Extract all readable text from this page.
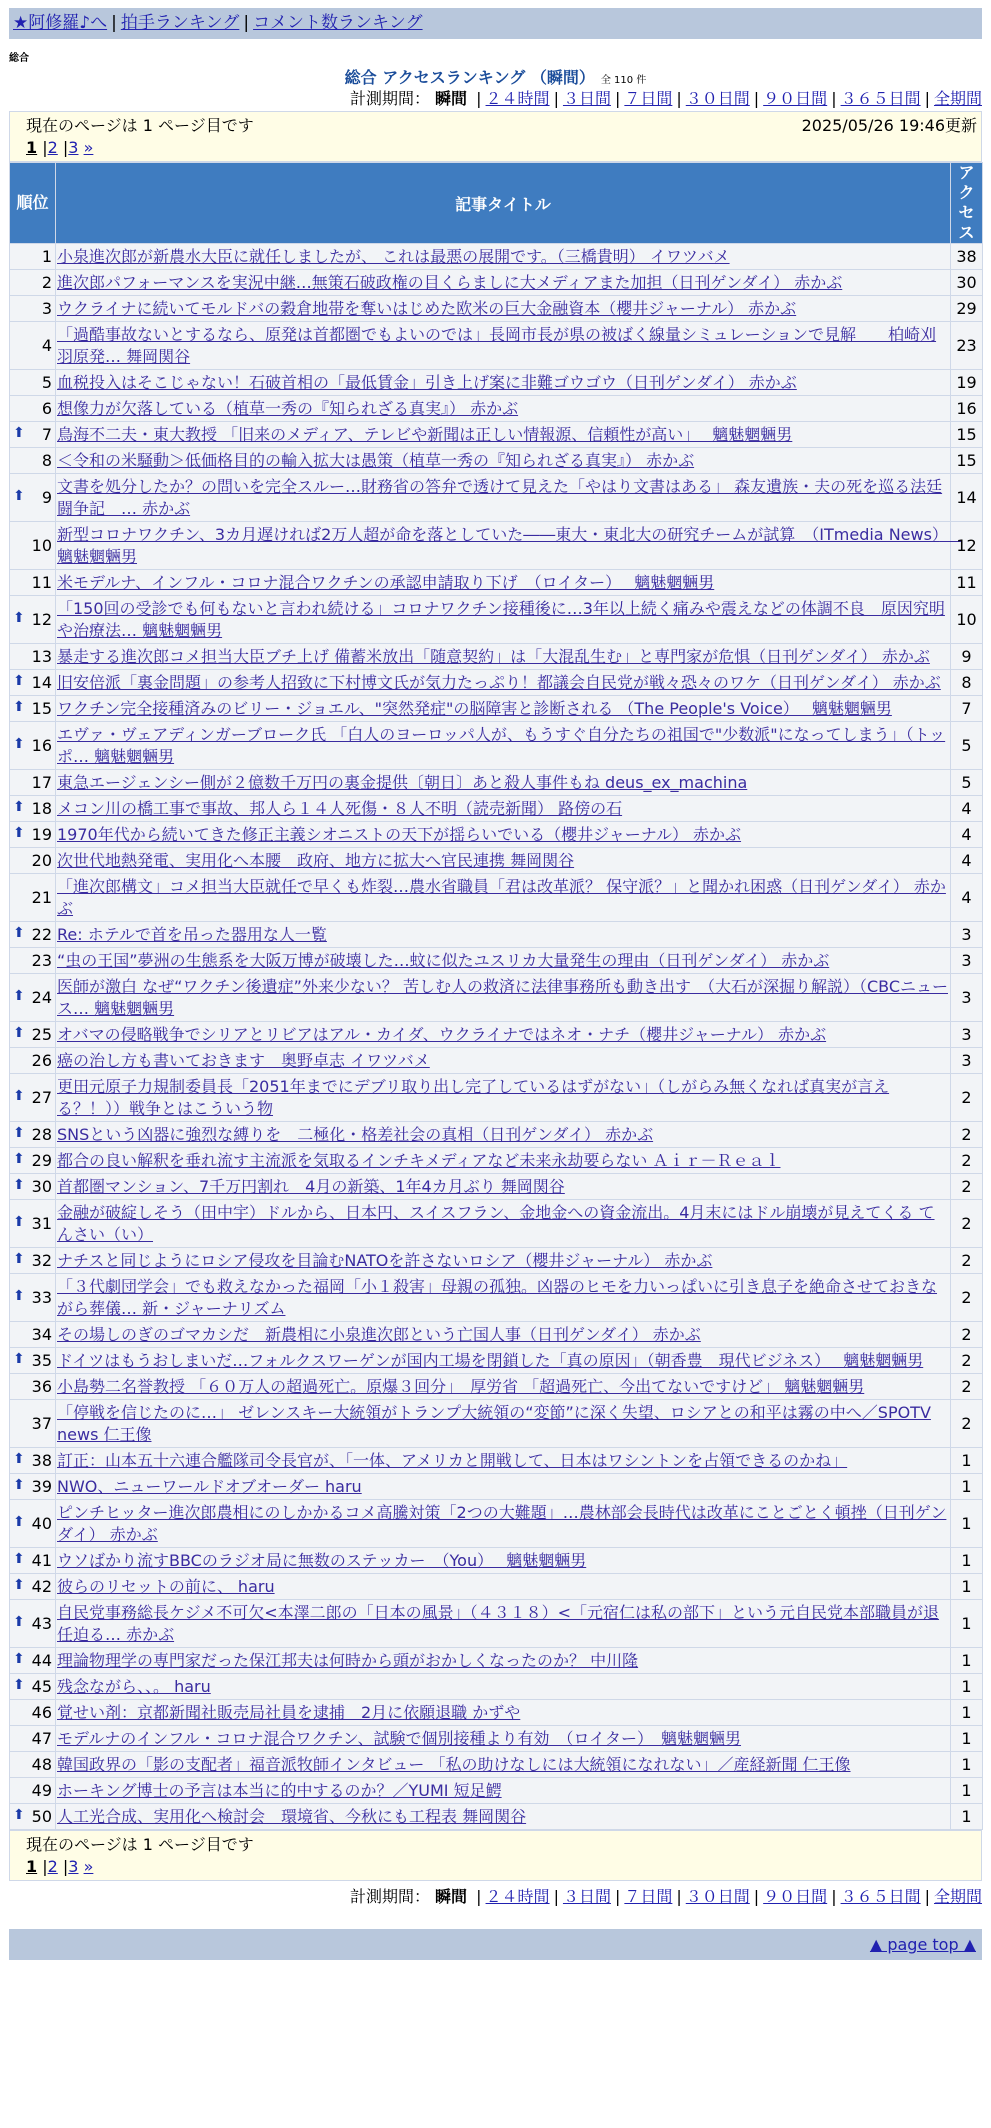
★阿修羅♪へ | 拍手ランキング | コメント数ランキング
総合
総合 アクセスランキング （瞬間） 全 110 件
計測期間： 瞬間 | ２４時間 | ３日間 | ７日間 | ３０日間 | ９０日間 | ３６５日間 | 全期間
現在のページは 1 ページ目です	2025/05/26 19:46更新
1 |2 |3 »
順位	記事タイトル	アクセス
1	小泉進次郎が新農水大臣に就任しましたが、 これは最悪の展開です。（三橋貴明） イワツバメ	38
2	進次郎パフォーマンスを実況中継…無策石破政権の目くらましに大メディアまた加担（日刊ゲンダイ） 赤かぶ	30
3	ウクライナに続いてモルドバの穀倉地帯を奪いはじめた欧米の巨大金融資本（櫻井ジャーナル） 赤かぶ	29
4	「過酷事故ないとするなら、原発は首都圏でもよいのでは」長岡市長が県の被ばく線量シミュレーションで見解　　柏崎刈羽原発… 舞岡関谷	23
5	血税投入はそこじゃない！石破首相の「最低賃金」引き上げ案に非難ゴウゴウ（日刊ゲンダイ） 赤かぶ	19
6	想像力が欠落している（植草一秀の『知られざる真実』） 赤かぶ	16

⬆ 7	鳥海不二夫・東大教授 「旧来のメディア、テレビや新聞は正しい情報源、信頼性が高い」　 魑魅魍魎男	15
8	＜令和の米騒動＞低価格目的の輸入拡大は愚策（植草一秀の『知られざる真実』） 赤かぶ	15

⬆ 9	文書を処分したか？の問いを完全スルー…財務省の答弁で透けて見えた「やはり文書はある」 森友遺族・夫の死を巡る法廷闘争記　… 赤かぶ	14
10	新型コロナワクチン、3カ月遅ければ2万人超が命を落としていた――東大・東北大の研究チームが試算　（ITmedia News）　 魑魅魍魎男	12
11	米モデルナ、インフル・コロナ混合ワクチンの承認申請取り下げ　（ロイター）　 魑魅魍魎男	11

⬆ 12	「150回の受診でも何もないと言われ続ける」コロナワクチン接種後に…3年以上続く痛みや震えなどの体調不良　原因究明や治療法… 魑魅魍魎男	10
13	暴走する進次郎コメ担当大臣ブチ上げ 備蓄米放出「随意契約」は「大混乱生む」と専門家が危惧（日刊ゲンダイ） 赤かぶ	9

⬆ 14	旧安倍派「裏金問題」の参考人招致に下村博文氏が気力たっぷり！都議会自民党が戦々恐々のワケ（日刊ゲンダイ） 赤かぶ	8

⬆ 15	ワクチン完全接種済みのビリー・ジョエル、"突然発症"の脳障害と診断される （The People's Voice）　 魑魅魍魎男	7

⬆ 16	エヴァ・ヴェアディンガーブローク氏 「白人のヨーロッパ人が、もうすぐ自分たちの祖国で"少数派"になってしまう」（トッポ… 魑魅魍魎男	5
17	東急エージェンシー側が２億数千万円の裏金提供〔朝日〕あと殺人事件もね deus_ex_machina	5

⬆ 18	メコン川の橋工事で事故、邦人ら１４人死傷・８人不明（読売新聞） 路傍の石	4

⬆ 19	1970年代から続いてきた修正主義シオニストの天下が揺らいでいる（櫻井ジャーナル） 赤かぶ	4
20	次世代地熱発電、実用化へ本腰　政府、地方に拡大へ官民連携 舞岡関谷	4
21	「進次郎構文」コメ担当大臣就任で早くも炸裂…農水省職員「君は改革派？ 保守派？」と聞かれ困惑（日刊ゲンダイ） 赤かぶ	4

⬆ 22	Re: ホテルで首を吊った器用な人一覧	3
23	“虫の王国”夢洲の生態系を大阪万博が破壊した…蚊に似たユスリカ大量発生の理由（日刊ゲンダイ） 赤かぶ	3

⬆ 24	医師が激白 なぜ“ワクチン後遺症”外来少ない？ 苦しむ人の救済に法律事務所も動き出す　（大石が深掘り解説）（CBCニュース… 魑魅魍魎男	3

⬆ 25	オバマの侵略戦争でシリアとリビアはアル・カイダ、ウクライナではネオ・ナチ（櫻井ジャーナル） 赤かぶ	3
26	癌の治し方も書いておきます　奥野卓志 イワツバメ	3

⬆ 27	更田元原子力規制委員長「2051年までにデブリ取り出し完了しているはずがない」（しがらみ無くなれば真実が言える？！））戦争とはこういう物	2

⬆ 28	SNSという凶器に強烈な縛りを　二極化・格差社会の真相（日刊ゲンダイ） 赤かぶ	2

⬆ 29	都合の良い解釈を垂れ流す主流派を気取るインチキメディアなど未来永劫要らない Ａｉｒ－Ｒｅａｌ	2

⬆ 30	首都圏マンション、7千万円割れ　4月の新築、1年4カ月ぶり 舞岡関谷	2

⬆ 31	金融が破綻しそう（田中宇）ドルから、日本円、スイスフラン、金地金への資金流出。4月末にはドル崩壊が見えてくる てんさい（い）	2

⬆ 32	ナチスと同じようにロシア侵攻を目論むNATOを許さないロシア（櫻井ジャーナル） 赤かぶ	2

⬆ 33	「３代劇団学会」でも救えなかった福岡「小１殺害」母親の孤独。凶器のヒモを力いっぱいに引き息子を絶命させておきながら葬儀… 新・ジャーナリズム	2
34	その場しのぎのゴマカシだ　新農相に小泉進次郎という亡国人事（日刊ゲンダイ） 赤かぶ	2

⬆ 35	ドイツはもうおしまいだ…フォルクスワーゲンが国内工場を閉鎖した「真の原因」（朝香豊　現代ビジネス）　 魑魅魍魎男	2
36	小島勢二名誉教授 「６０万人の超過死亡。原爆３回分」　厚労省 「超過死亡、今出てないですけど」 魑魅魍魎男	2
37	「停戦を信じたのに…」 ゼレンスキー大統領がトランプ大統領の“変節”に深く失望、ロシアとの和平は霧の中へ／SPOTV news 仁王像	2

⬆ 38	訂正：山本五十六連合艦隊司令長官が、「一体、アメリカと開戦して、日本はワシントンを占領できるのかね」	1

⬆ 39	NWO、ニューワールドオブオーダー haru	1

⬆ 40	ピンチヒッター進次郎農相にのしかかるコメ高騰対策「2つの大難題」…農林部会長時代は改革にことごとく頓挫（日刊ゲンダイ） 赤かぶ	1

⬆ 41	ウソばかり流すBBCのラジオ局に無数のステッカー　（You）　 魑魅魍魎男	1

⬆ 42	彼らのリセットの前に、 haru	1

⬆ 43	自民党事務総長ケジメ不可欠<本澤二郎の「日本の風景」（４３１８）<「元宿仁は私の部下」という元自民党本部職員が退任迫る… 赤かぶ	1

⬆ 44	理論物理学の専門家だった保江邦夫は何時から頭がおかしくなったのか？ 中川隆	1

⬆ 45	残念ながら、、。 haru	1
46	覚せい剤：京都新聞社販売局社員を逮捕　2月に依願退職 かずや	1
47	モデルナのインフル・コロナ混合ワクチン、試験で個別接種より有効　（ロイター）　魑魅魍魎男	1
48	韓国政界の「影の支配者」福音派牧師インタビュー 「私の助けなしには大統領になれない」／産経新聞 仁王像	1
49	ホーキング博士の予言は本当に的中するのか？／YUMI 短足鰐	1

⬆ 50	人工光合成、実用化へ検討会　環境省、今秋にも工程表 舞岡関谷	1
現在のページは 1 ページ目です
1 |2 |3 »
計測期間： 瞬間 | ２４時間 | ３日間 | ７日間 | ３０日間 | ９０日間 | ３６５日間 | 全期間
▲ page top ▲
